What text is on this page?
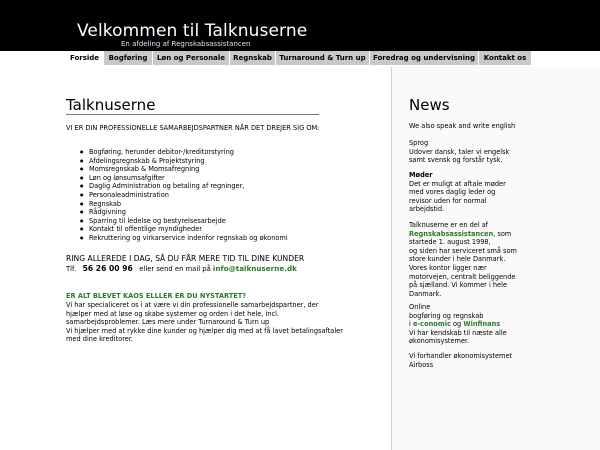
Velkommen til Talknuserne
En afdeling af Regnskabsassistancen
Forside	Bogføring	Løn og Personale	Regnskab	Turnaround & Turn up	Foredrag og undervisning	Kontakt os
Talknuserne
VI ER DIN PROFESSIONELLE SAMARBEJDSPARTNER NÅR DET DREJER SIG OM:
● Bogføring, herunder debitor-/kreditorstyring
● Afdelingsregnskab & Projektstyring
● Momsregnskab & Momsafregning
● Løn og lønsumsafgifter
● Daglig Administration og betaling af regninger,
● Personaleadministration
● Regnskab
● Rådgivning
● Sparring til ledelse og bestyrelsesarbejde
● Kontakt til offentlige myndigheder
● Rekruttering og virkarservice indenfor regnskab og økonomi
RING ALLEREDE I DAG, SÅ DU FÅR MERE TID TIL DINE KUNDER
Tlf. 56 26 00 96 eller send en mail på info@talknuserne.dk
ER ALT BLEVET KAOS ELLLER ER DU NYSTARTET?
Vi har specialiceret os i at være vi din professionelle samarbejdspartner, der
hjælper med at løse og skabe systemer og orden i det hele, incl.
samarbejdsproblemer. Læs mere under Turnaround & Turn up
Vi hjælper med at rykke dine kunder og hjælper dig med at få lavet betalingsaftaler
med dine kreditorer.
News
We also speak and write english
Sprog
Udover dansk, taler vi engelsk
samt svensk og forstår tysk.
Møder
Det er muligt at aftale møder
med vores daglig leder og
revisor uden for normal
arbejdstid.
Talknuserne er en del af
Regnskabsassistancen, som
startede 1. august 1998,
og siden har serviceret små som
store kunder i hele Danmark.
Vores kontor ligger nær
motorvejen, centralt beliggende
på sjælland. Vi kommer i hele
Danmark.
Online
bogføring og regnskab
i e-conomic og Winfinans
Vi har kendskab til næste alle
økonomisystemer.
Vi forhandler økonomisystemet
Airboss
